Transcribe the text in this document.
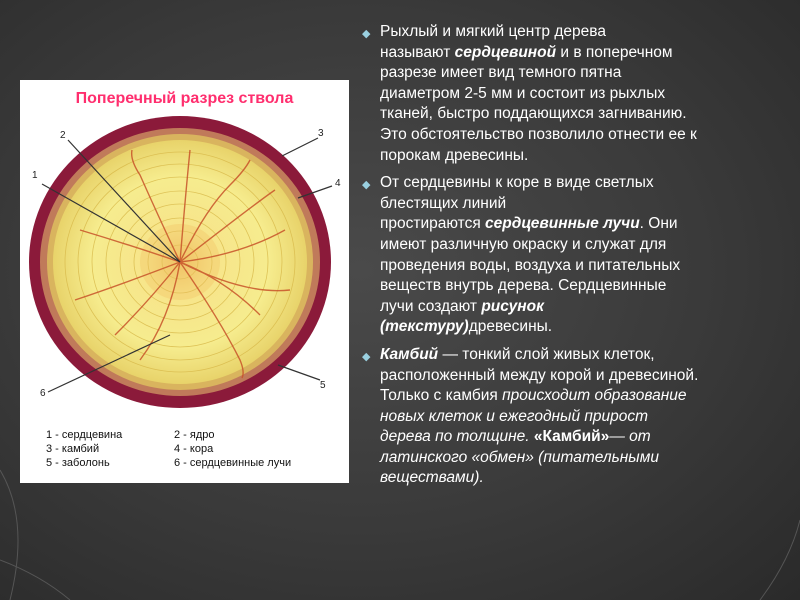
Поперечный разрез ствола
2
1
3
4
5
6
1 - сердцевина	2 - ядро
3 - камбий	4 - кора
5 - заболонь	6 - сердцевинные лучи
◆ Рыхлый и мягкий центр дерева
называют сердцевиной и в поперечном
разрезе имеет вид темного пятна
диаметром 2-5 мм и состоит из рыхлых
тканей, быстро поддающихся загниванию.
Это обстоятельство позволило отнести ее к
порокам древесины.
◆ От сердцевины к коре в виде светлых
блестящих линий
простираются сердцевинные лучи. Они
имеют различную окраску и служат для
проведения воды, воздуха и питательных
веществ внутрь дерева. Сердцевинные
лучи создают рисунок
(текстуру)древесины.
◆ Камбий — тонкий слой живых клеток,
расположенный между корой и древесиной.
Только с камбия происходит образование
новых клеток и ежегодный прирост
дерева по толщине. «Камбий»— от
латинского «обмен» (питательными
веществами).
